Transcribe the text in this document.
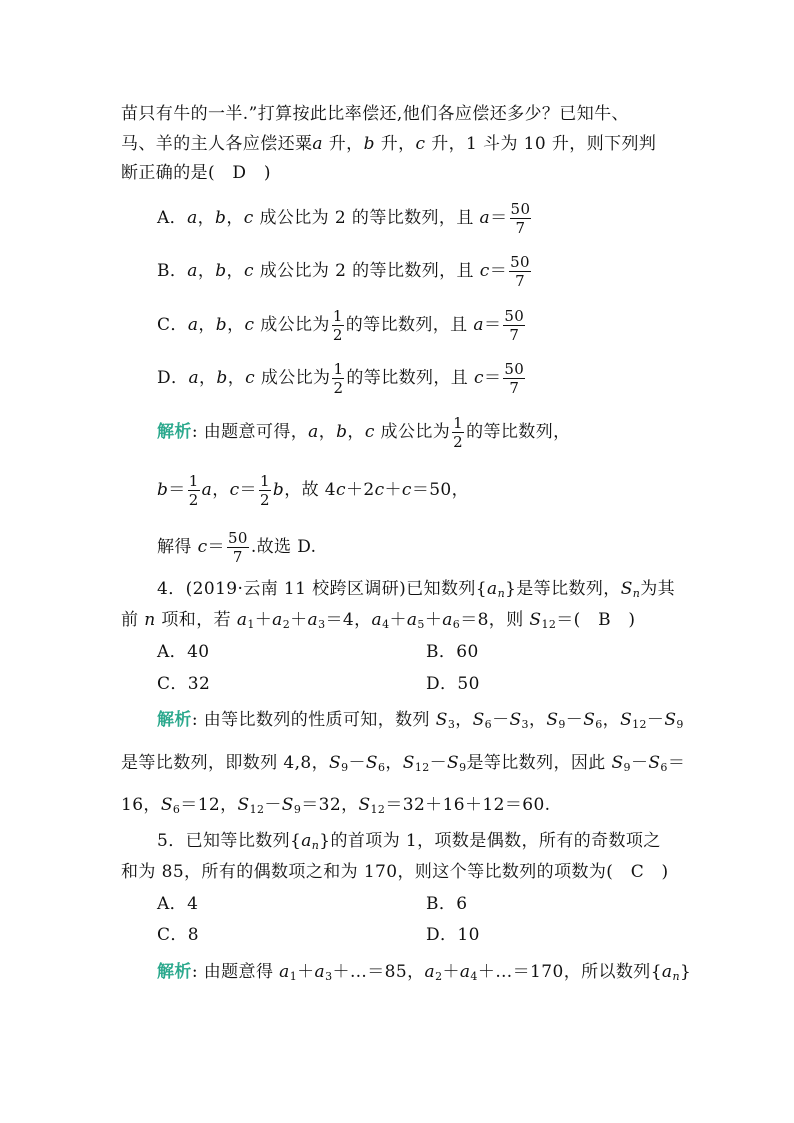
苗只有牛的一半.”打算按此比率偿还,他们各应偿还多少？已知牛、
马、羊的主人各应偿还粟a 升，b 升，c 升，1 斗为 10 升，则下列判
断正确的是(　D　)
A．a，b，c 成公比为 2 的等比数列，且 $a= \frac{50}{7}$
B．a，b，c 成公比为 2 的等比数列，且 $c= \frac{50}{7}$
C．a，b，c 成公比为 $\frac{1}{2}$ 的等比数列，且 $a= \frac{50}{7}$
D．a，b，c 成公比为 $\frac{1}{2}$ 的等比数列，且 $c= \frac{50}{7}$
解析: 由题意可得，a，b，c 成公比为 $\frac{1}{2}$ 的等比数列，
$b= \frac{1}{2}$ a，$c= \frac{1}{2}$ b，故 4c＋2c＋c＝50，
解得 $c= \frac{50}{7}$ .故选 D.
4．(2019·云南 11 校跨区调研)已知数列$\{a_n\}$是等比数列，$S_n$为其
前 n 项和，若 $a_1+a_2+a_3=4$，$a_4+a_5+a_6=8$，则 $S_{12}=$(　B　)
A．40	B．60
C．32	D．50
解析: 由等比数列的性质可知，数列 $S_3$，$S_6-S_3$，$S_9-S_6$，$S_{12}-S_9$
是等比数列，即数列 4,8，$S_9-S_6$，$S_{12}-S_9$是等比数列，因此 $S_9-S_6=$
16，$S_6=12$，$S_{12}-S_9=32$，$S_{12}=32+16+12=60$.
5．已知等比数列$\{a_n\}$的首项为 1，项数是偶数，所有的奇数项之
和为 85，所有的偶数项之和为 170，则这个等比数列的项数为(　C　)
A．4	B．6
C．8	D．10
解析: 由题意得 $a_1+a_3+\dots=85$，$a_2+a_4+\dots=170$，所以数列$\{a_n\}$
